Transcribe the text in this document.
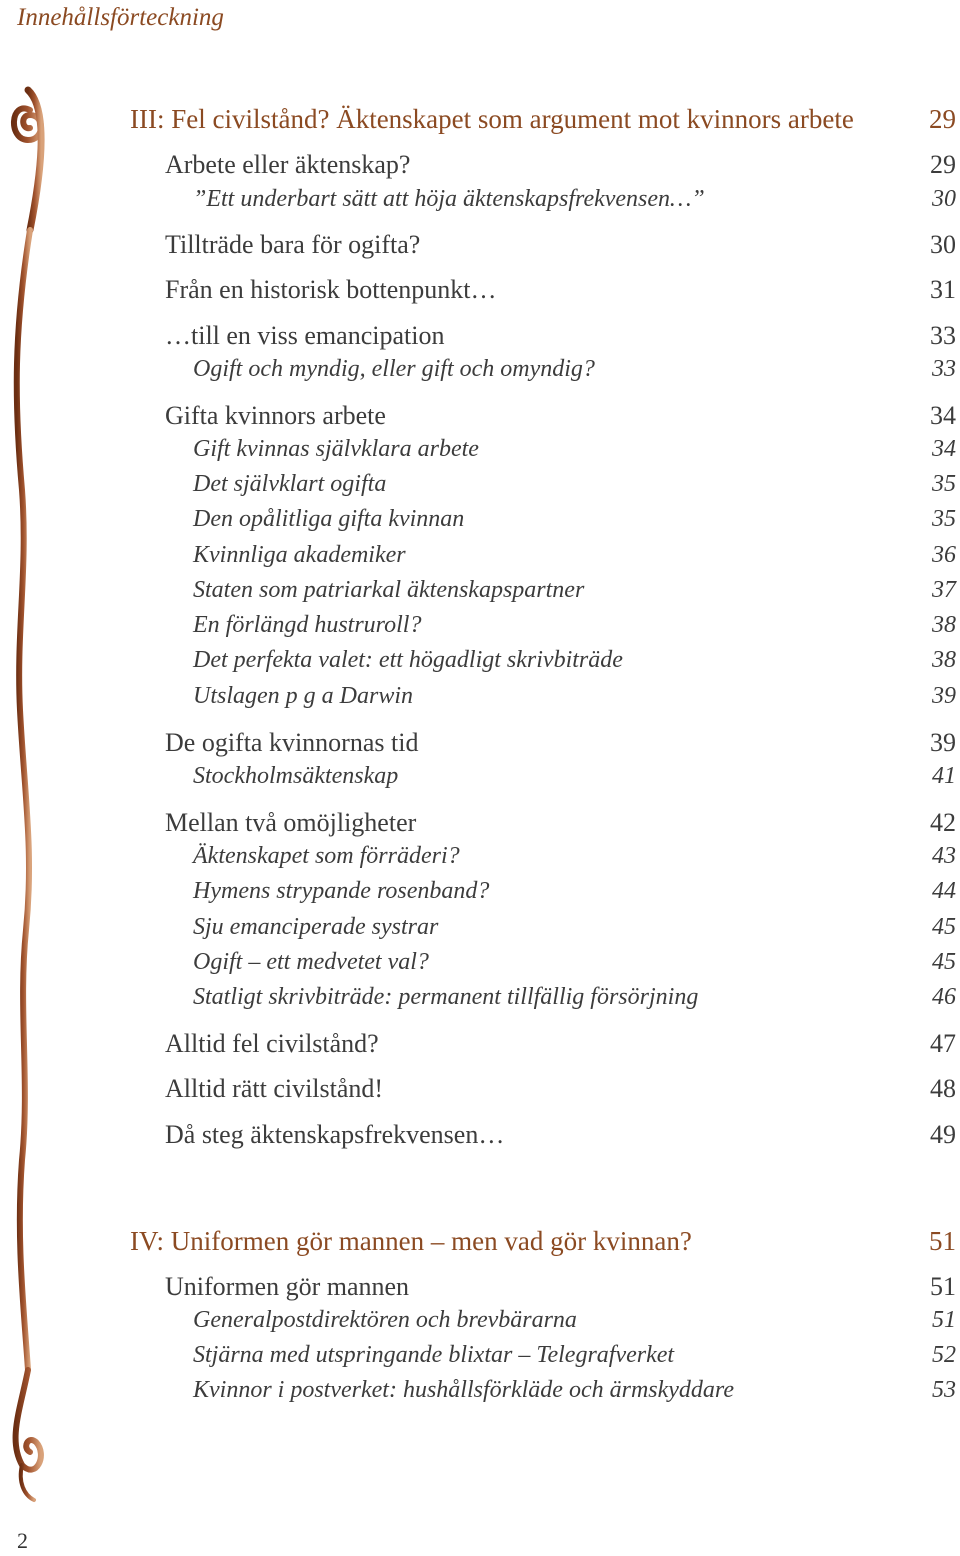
Innehållsförteckning
III: Fel civilstånd? Äktenskapet som argument mot kvinnors arbete	29
Arbete eller äktenskap?	29
”Ett underbart sätt att höja äktenskapsfrekvensen…”	30
Tillträde bara för ogifta?	30
Från en historisk bottenpunkt…	31
…till en viss emancipation	33
Ogift och myndig, eller gift och omyndig?	33
Gifta kvinnors arbete	34
Gift kvinnas självklara arbete	34
Det självklart ogifta	35
Den opålitliga gifta kvinnan	35
Kvinnliga akademiker	36
Staten som patriarkal äktenskapspartner	37
En förlängd hustruroll?	38
Det perfekta valet: ett högadligt skrivbiträde	38
Utslagen p g a Darwin	39
De ogifta kvinnornas tid	39
Stockholmsäktenskap	41
Mellan två omöjligheter	42
Äktenskapet som förräderi?	43
Hymens strypande rosenband?	44
Sju emanciperade systrar	45
Ogift – ett medvetet val?	45
Statligt skrivbiträde: permanent tillfällig försörjning	46
Alltid fel civilstånd?	47
Alltid rätt civilstånd!	48
Då steg äktenskapsfrekvensen…	49
IV: Uniformen gör mannen – men vad gör kvinnan?	51
Uniformen gör mannen	51
Generalpostdirektören och brevbärarna	51
Stjärna med utspringande blixtar – Telegrafverket	52
Kvinnor i postverket: hushållsförkläde och ärmskyddare	53
2
